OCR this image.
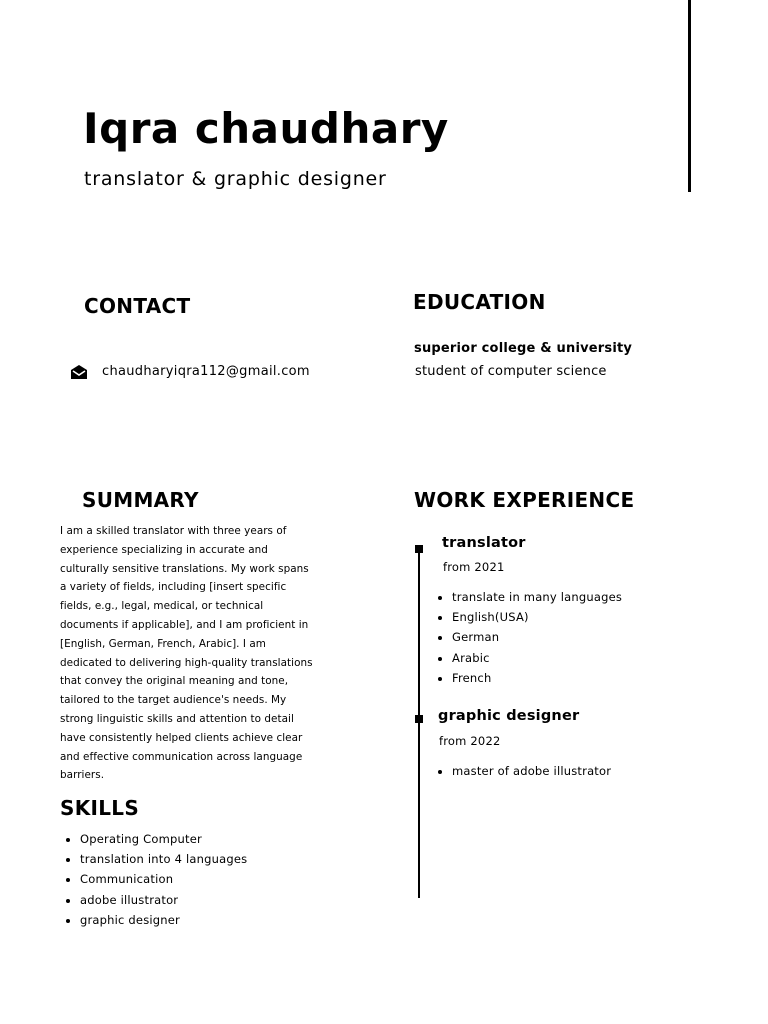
Iqra chaudhary
translator & graphic designer
CONTACT
chaudharyiqra112@gmail.com
EDUCATION
superior college & university
student of computer science
SUMMARY
I am a skilled translator with three years of experience specializing in accurate and culturally sensitive translations. My work spans a variety of fields, including [insert specific fields, e.g., legal, medical, or technical documents if applicable], and I am proficient in [English, German, French, Arabic]. I am dedicated to delivering high-quality translations that convey the original meaning and tone, tailored to the target audience's needs. My strong linguistic skills and attention to detail have consistently helped clients achieve clear and effective communication across language barriers.
SKILLS
• Operating Computer
• translation into 4 languages
• Communication
• adobe illustrator
• graphic designer
WORK EXPERIENCE
translator
from 2021
• translate in many languages
• English(USA)
• German
• Arabic
• French
graphic designer
from 2022
• master of adobe illustrator
